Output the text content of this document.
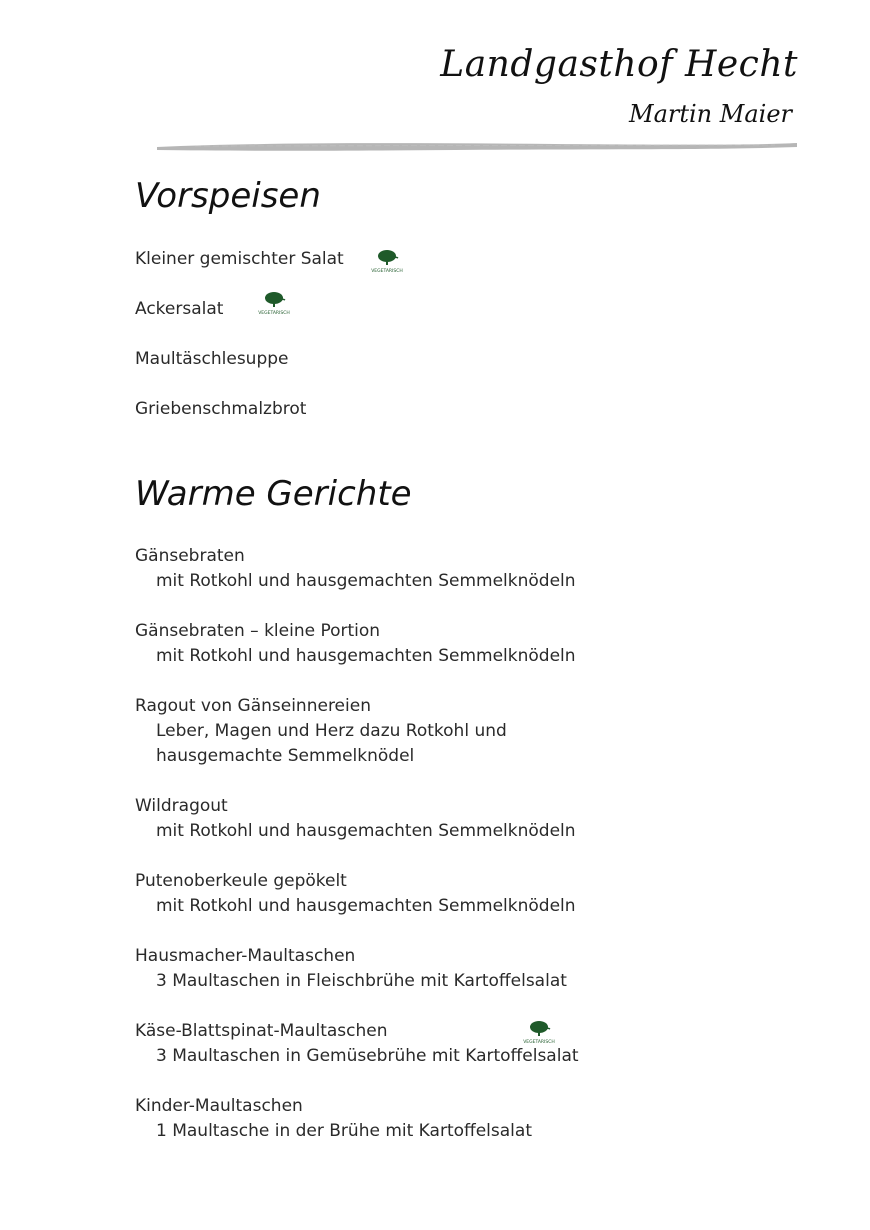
Landgasthof Hecht
Martin Maier
Vorspeisen

Kleiner gemischter Salat

VEGETARISCH

Ackersalat	VEGETARISCH

Maultäschlesuppe

Griebenschmalzbrot

Warme Gerichte

Gänsebraten

mit Rotkohl und hausgemachten Semmelknödeln

Gänsebraten – kleine Portion

mit Rotkohl und hausgemachten Semmelknödeln

Ragout von Gänseinnereien

Leber, Magen und Herz dazu Rotkohl und

hausgemachte Semmelknödel

Wildragout

mit Rotkohl und hausgemachten Semmelknödeln

Putenoberkeule gepökelt

mit Rotkohl und hausgemachten Semmelknödeln

Hausmacher-Maultaschen

3 Maultaschen in Fleischbrühe mit Kartoffelsalat

Käse-Blattspinat-Maultaschen

VEGETARISCH

3 Maultaschen in Gemüsebrühe mit Kartoffelsalat

Kinder-Maultaschen

1 Maultasche in der Brühe mit Kartoffelsalat
